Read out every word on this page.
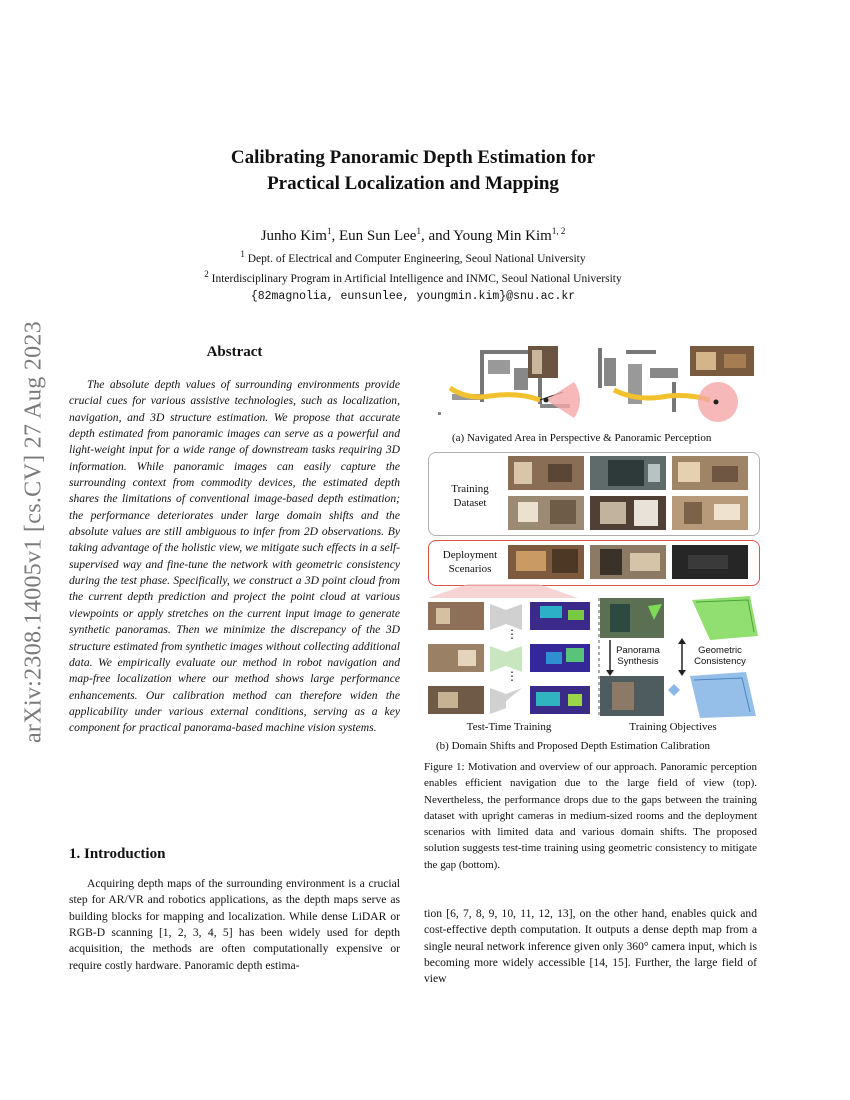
arXiv:2308.14005v1 [cs.CV] 27 Aug 2023
Calibrating Panoramic Depth Estimation for
Practical Localization and Mapping
Junho Kim$^1$, Eun Sun Lee$^1$, and Young Min Kim$^{1, 2}$
$^1$ Dept. of Electrical and Computer Engineering, Seoul National University
$^2$ Interdisciplinary Program in Artificial Intelligence and INMC, Seoul National University
{82magnolia, eunsunlee, youngmin.kim}@snu.ac.kr
Abstract

The absolute depth values of surrounding environments provide crucial cues for various assistive technologies, such as localization, navigation, and 3D structure estimation. We propose that accurate depth estimated from panoramic images can serve as a powerful and light-weight input for a wide range of downstream tasks requiring 3D information. While panoramic images can easily capture the surrounding context from commodity devices, the estimated depth shares the limitations of conventional image-based depth estimation; the performance deteriorates under large domain shifts and the absolute values are still ambiguous to infer from 2D observations. By taking advantage of the holistic view, we mitigate such effects in a self-supervised way and fine-tune the network with geometric consistency during the test phase. Specifically, we construct a 3D point cloud from the current depth prediction and project the point cloud at various viewpoints or apply stretches on the current input image to generate synthetic panoramas. Then we minimize the discrepancy of the 3D structure estimated from synthetic images without collecting additional data. We empirically evaluate our method in robot navigation and map-free localization where our method shows large performance enhancements. Our calibration method can therefore widen the applicability under various external conditions, serving as a key component for practical panorama-based machine vision systems.

1. Introduction

Acquiring depth maps of the surrounding environment is a crucial step for AR/VR and robotics applications, as the depth maps serve as building blocks for mapping and localization. While dense LiDAR or RGB-D scanning [1, 2, 3, 4, 5] has been widely used for depth acquisition, the methods are often computationally expensive or require costly hardware. Panoramic depth estima-

(a) Navigated Area in Perspective & Panoramic Perception
Training Dataset
Deployment Scenarios
⋮
⋮
Panorama Synthesis
Geometric Consistency
Test-Time Training	Training Objectives
(b) Domain Shifts and Proposed Depth Estimation Calibration

Figure 1: Motivation and overview of our approach. Panoramic perception enables efficient navigation due to the large field of view (top). Nevertheless, the performance drops due to the gaps between the training dataset with upright cameras in medium-sized rooms and the deployment scenarios with limited data and various domain shifts. The proposed solution suggests test-time training using geometric consistency to mitigate the gap (bottom).

tion [6, 7, 8, 9, 10, 11, 12, 13], on the other hand, enables quick and cost-effective depth computation. It outputs a dense depth map from a single neural network inference given only 360° camera input, which is becoming more widely accessible [14, 15]. Further, the large field of view
